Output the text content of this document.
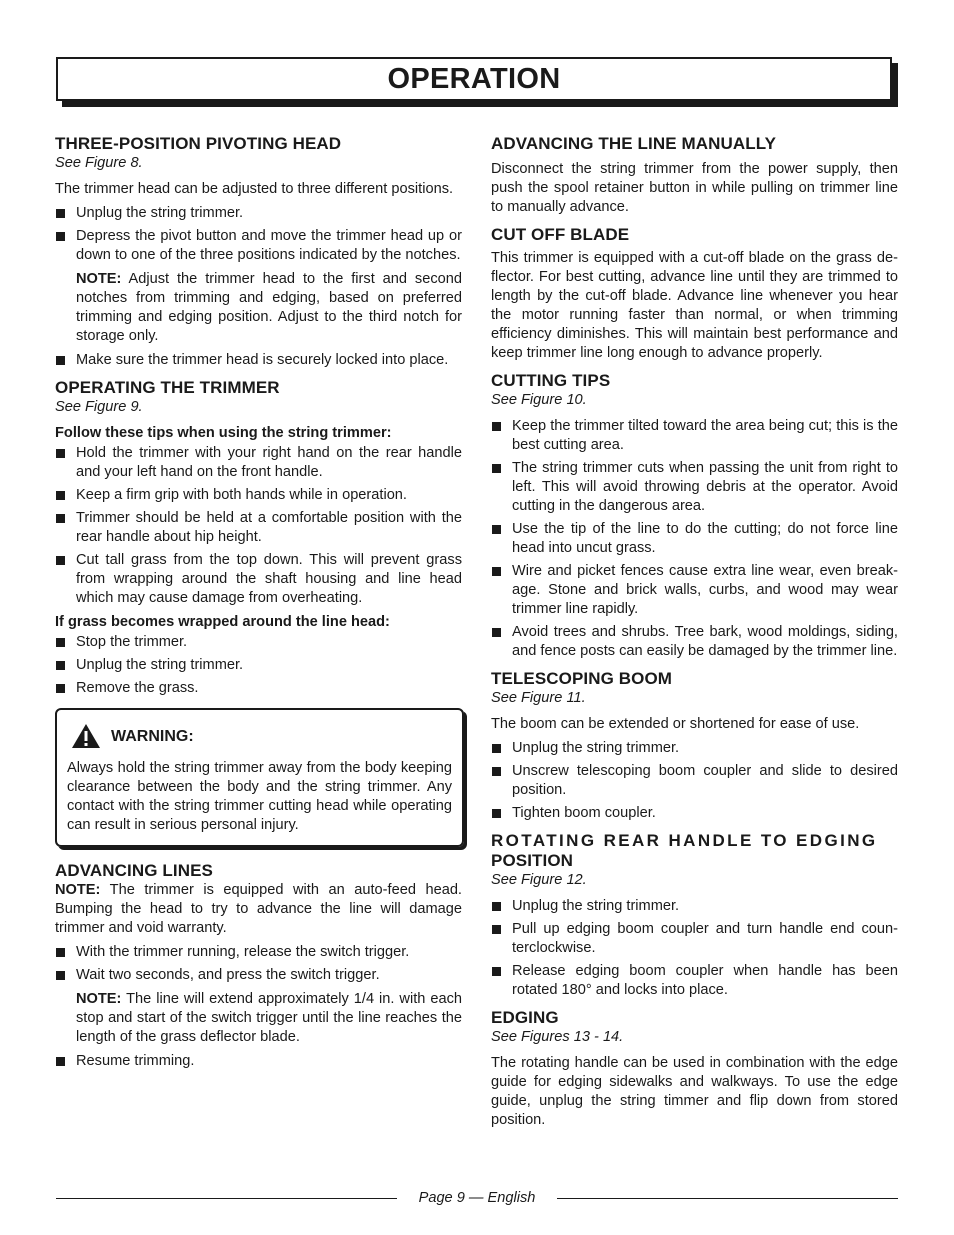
OPERATION
THREE-POSITION PIVOTING HEAD
See Figure 8.

The trimmer head can be adjusted to three different positions.

Unplug the string trimmer.
Depress the pivot button and move the trimmer head up or down to one of the three positions indicated by the notches.
NOTE: Adjust the trimmer head to the first and second notches from trimming and edging, based on preferred trimming and edging position. Adjust to the third notch for storage only.
Make sure the trimmer head is securely locked into place.
OPERATING THE TRIMMER
See Figure 9.
Follow these tips when using the string trimmer:
Hold the trimmer with your right hand on the rear handle and your left hand on the front handle.
Keep a firm grip with both hands while in operation.
Trimmer should be held at a comfortable position with the rear handle about hip height.
Cut tall grass from the top down. This will prevent grass from wrapping around the shaft housing and line head which may cause damage from overheating.
If grass becomes wrapped around the line head:
Stop the trimmer.
Unplug the string trimmer.
Remove the grass.
WARNING:

Always hold the string trimmer away from the body keeping clearance between the body and the string trimmer. Any contact with the string trimmer cutting head while operating can result in serious personal injury.

ADVANCING LINES

NOTE: The trimmer is equipped with an auto-feed head. Bumping the head to try to advance the line will damage trimmer and void warranty.

With the trimmer running, release the switch trigger.
Wait two seconds, and press the switch trigger.
NOTE: The line will extend approximately 1/4 in. with each stop and start of the switch trigger until the line reaches the length of the grass deflector blade.
Resume trimming.
ADVANCING THE LINE MANUALLY

Disconnect the string trimmer from the power supply, then push the spool retainer button in while pulling on trimmer line to manually advance.

CUT OFF BLADE

This trimmer is equipped with a cut-off blade on the grass deflector. For best cutting, advance line until they are trimmed to length by the cut-off blade. Advance line whenever you hear the motor running faster than normal, or when trimming efficiency diminishes. This will maintain best performance and keep trimmer line long enough to advance properly.

CUTTING TIPS
See Figure 10.
Keep the trimmer tilted toward the area being cut; this is the best cutting area.
The string trimmer cuts when passing the unit from right to left. This will avoid throwing debris at the operator. Avoid cutting in the dangerous area.
Use the tip of the line to do the cutting; do not force line head into uncut grass.
Wire and picket fences cause extra line wear, even breakage. Stone and brick walls, curbs, and wood may wear trimmer line rapidly.
Avoid trees and shrubs. Tree bark, wood moldings, siding, and fence posts can easily be damaged by the trimmer line.
TELESCOPING BOOM
See Figure 11.

The boom can be extended or shortened for ease of use.

Unplug the string trimmer.
Unscrew telescoping boom coupler and slide to desired position.
Tighten boom coupler.
ROTATING REAR HANDLE TO EDGING
POSITION
See Figure 12.
Unplug the string trimmer.
Pull up edging boom coupler and turn handle end counterclockwise.
Release edging boom coupler when handle has been rotated 180° and locks into place.
EDGING
See Figures 13 - 14.

The rotating handle can be used in combination with the edge guide for edging sidewalks and walkways. To use the edge guide, unplug the string timmer and flip down from stored position.

Page 9 — English
